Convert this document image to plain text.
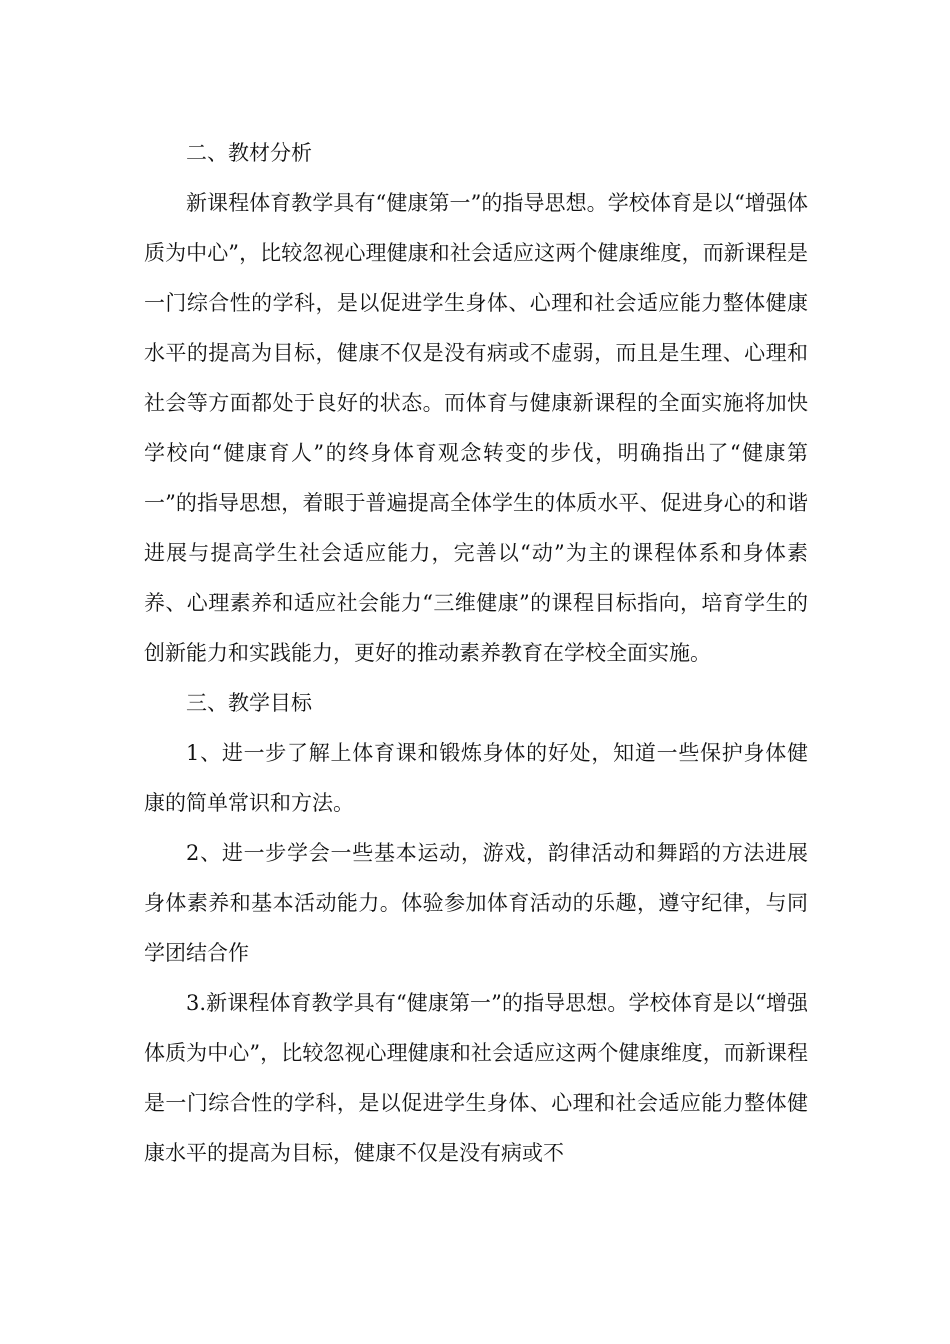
二、教材分析

新课程体育教学具有“健康第一”的指导思想。学校体育是以“增强体质为中心”，比较忽视心理健康和社会适应这两个健康维度，而新课程是一门综合性的学科，是以促进学生身体、心理和社会适应能力整体健康水平的提高为目标，健康不仅是没有病或不虚弱，而且是生理、心理和社会等方面都处于良好的状态。而体育与健康新课程的全面实施将加快学校向“健康育人”的终身体育观念转变的步伐，明确指出了“健康第一”的指导思想，着眼于普遍提高全体学生的体质水平、促进身心的和谐进展与提高学生社会适应能力，完善以“动”为主的课程体系和身体素养、心理素养和适应社会能力“三维健康”的课程目标指向，培育学生的创新能力和实践能力，更好的推动素养教育在学校全面实施。

三、教学目标

1、进一步了解上体育课和锻炼身体的好处，知道一些保护身体健康的简单常识和方法。

2、进一步学会一些基本运动，游戏，韵律活动和舞蹈的方法进展身体素养和基本活动能力。体验参加体育活动的乐趣，遵守纪律，与同学团结合作

3.新课程体育教学具有“健康第一”的指导思想。学校体育是以“增强体质为中心”，比较忽视心理健康和社会适应这两个健康维度，而新课程是一门综合性的学科，是以促进学生身体、心理和社会适应能力整体健康水平的提高为目标，健康不仅是没有病或不
